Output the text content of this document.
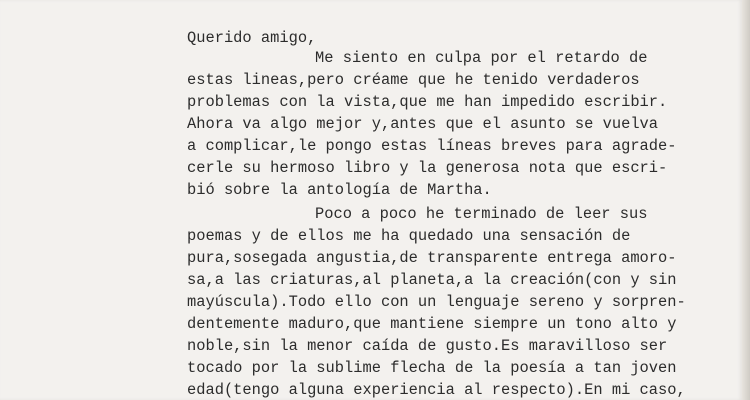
Querido amigo,

Me siento en culpa por el retardo de

estas lineas,pero créame que he tenido verdaderos

problemas con la vista,que me han impedido escribir.

Ahora va algo mejor y,antes que el asunto se vuelva

a complicar,le pongo estas líneas breves para agrade-

cerle su hermoso libro y la generosa nota que escri-

bió sobre la antología de Martha.

Poco a poco he terminado de leer sus

poemas y de ellos me ha quedado una sensación de

pura,sosegada angustia,de transparente entrega amoro-

sa,a las criaturas,al planeta,a la creación(con y sin

mayúscula).Todo ello con un lenguaje sereno y sorpren-

dentemente maduro,que mantiene siempre un tono alto y

noble,sin la menor caída de gusto.Es maravilloso ser

tocado por la sublime flecha de la poesía a tan joven

edad(tengo alguna experiencia al respecto).En mi caso,
